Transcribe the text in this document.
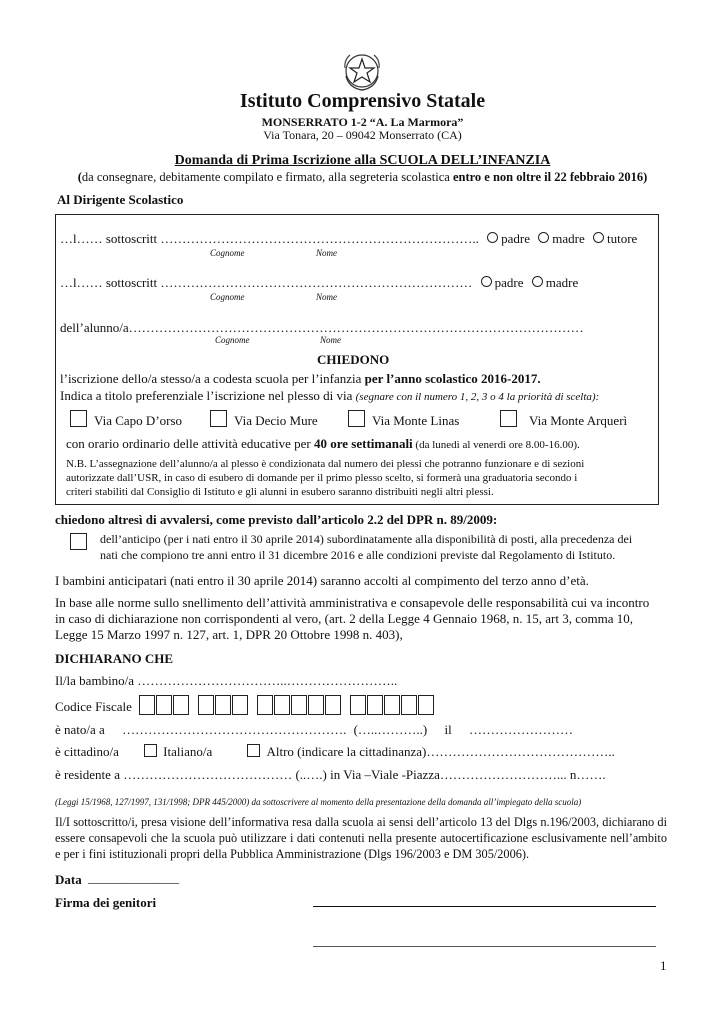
Istituto Comprensivo Statale
MONSERRATO 1-2 “A. La Marmora”
Via Tonara, 20 – 09042 Monserrato (CA)
Domanda di Prima Iscrizione alla SCUOLA DELL’INFANZIA
(da consegnare, debitamente compilato e firmato, alla segreteria scolastica entro e non oltre il 22 febbraio 2016)
Al Dirigente Scolastico
…l…… sottoscritt ……………………………………………………………….. padre madre tutore
Cognome	Nome
…l…… sottoscritt ……………………………………………………………… padre madre
Cognome	Nome
dell’alunno/a……………………………………………………………………………………………
Cognome	Nome
CHIEDONO
l’iscrizione dello/a stesso/a a codesta scuola per l’infanzia per l’anno scolastico 2016-2017.
Indica a titolo preferenziale l’iscrizione nel plesso di via (segnare con il numero 1, 2, 3 o 4 la priorità di scelta):
Via Capo D’orso	Via Decio Mure	Via Monte Linas	Via Monte Arquerì
con orario ordinario delle attività educative per 40 ore settimanali (da lunedì al venerdì ore 8.00-16.00).
N.B. L’assegnazione dell’alunno/a al plesso è condizionata dal numero dei plessi che potranno funzionare e di sezioni
autorizzate dall’USR, in caso di esubero di domande per il primo plesso scelto, si formerà una graduatoria secondo i
criteri stabiliti dal Consiglio di Istituto e gli alunni in esubero saranno distribuiti negli altri plessi.
chiedono altresì di avvalersi, come previsto dall’articolo 2.2 del DPR n. 89/2009:
dell’anticipo (per i nati entro il 30 aprile 2014) subordinatamente alla disponibilità di posti, alla precedenza dei
nati che compiono tre anni entro il 31 dicembre 2016 e alle condizioni previste dal Regolamento di Istituto.
I bambini anticipatari (nati entro il 30 aprile 2014) saranno accolti al compimento del terzo anno d’età.
In base alle norme sullo snellimento dell’attività amministrativa e consapevole delle responsabilità cui va incontro
in caso di dichiarazione non corrispondenti al vero, (art. 2 della Legge 4 Gennaio 1968, n. 15, art 3, comma 10,
Legge 15 Marzo 1997 n. 127, art. 1, DPR 20 Ottobre 1998 n. 403),
DICHIARANO CHE
Il/la bambino/a ……………………………..……………………..
Codice Fiscale
è nato/a a ……………………………………………. (…..………..) il ……………………
è cittadino/a	Italiano/a	Altro (indicare la cittadinanza)……………………………………..
è residente a ………………………………… (..….) in Via –Viale -Piazza………………………... n…….
(Leggi 15/1968, 127/1997, 131/1998; DPR 445/2000) da sottoscrivere al momento della presentazione della domanda all’impiegato della scuola)
Il/I sottoscritto/i, presa visione dell’informativa resa dalla scuola ai sensi dell’articolo 13 del Dlgs n.196/2003, dichiarano di essere consapevoli che la scuola può utilizzare i dati contenuti nella presente autocertificazione esclusivamente nell’ambito e per i fini istituzionali propri della Pubblica Amministrazione (Dlgs 196/2003 e DM 305/2006).
Data ______________
Firma dei genitori
1
